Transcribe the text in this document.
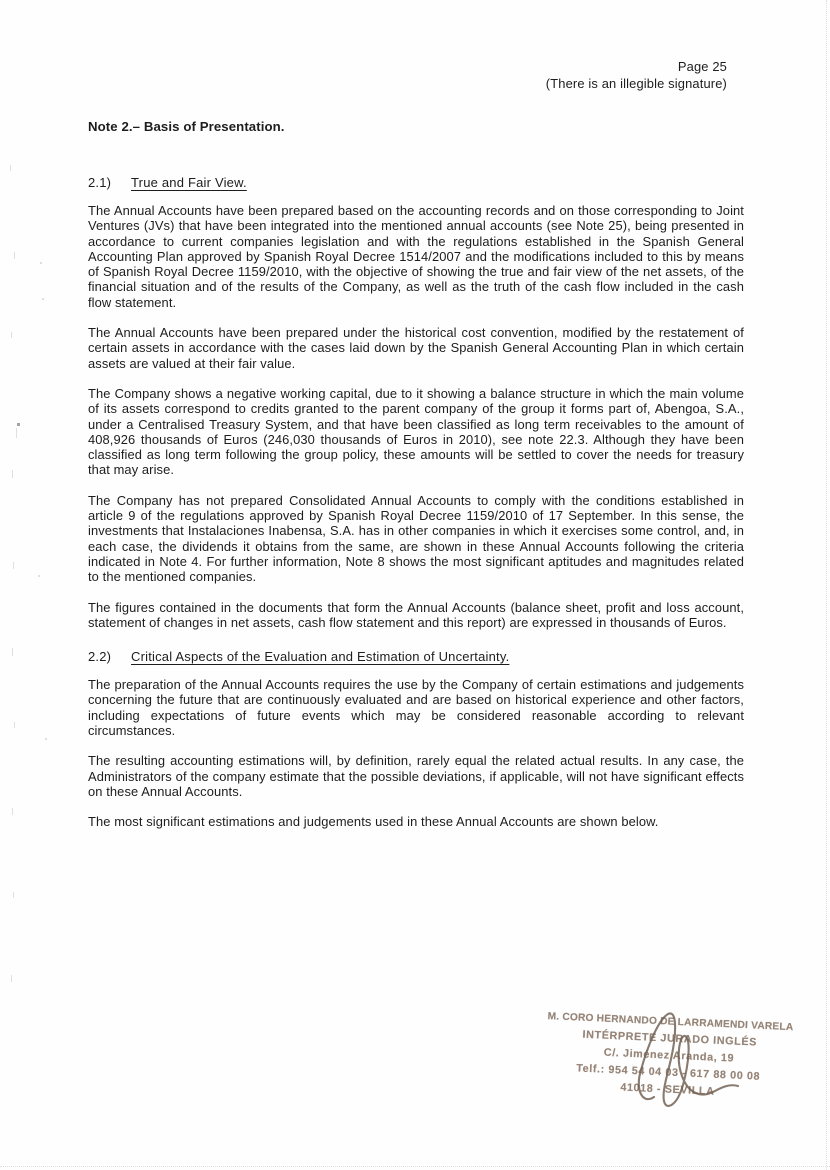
Page 25
(There is an illegible signature)
Note 2.– Basis of Presentation.
2.1) True and Fair View.

The Annual Accounts have been prepared based on the accounting records and on those corresponding to Joint Ventures (JVs) that have been integrated into the mentioned annual accounts (see Note 25), being presented in accordance to current companies legislation and with the regulations established in the Spanish General Accounting Plan approved by Spanish Royal Decree 1514/2007 and the modifications included to this by means of Spanish Royal Decree 1159/2010, with the objective of showing the true and fair view of the net assets, of the financial situation and of the results of the Company, as well as the truth of the cash flow included in the cash flow statement.

The Annual Accounts have been prepared under the historical cost convention, modified by the restatement of certain assets in accordance with the cases laid down by the Spanish General Accounting Plan in which certain assets are valued at their fair value.

The Company shows a negative working capital, due to it showing a balance structure in which the main volume of its assets correspond to credits granted to the parent company of the group it forms part of, Abengoa, S.A., under a Centralised Treasury System, and that have been classified as long term receivables to the amount of 408,926 thousands of Euros (246,030 thousands of Euros in 2010), see note 22.3. Although they have been classified as long term following the group policy, these amounts will be settled to cover the needs for treasury that may arise.

The Company has not prepared Consolidated Annual Accounts to comply with the conditions established in article 9 of the regulations approved by Spanish Royal Decree 1159/2010 of 17 September. In this sense, the investments that Instalaciones Inabensa, S.A. has in other companies in which it exercises some control, and, in each case, the dividends it obtains from the same, are shown in these Annual Accounts following the criteria indicated in Note 4. For further information, Note 8 shows the most significant aptitudes and magnitudes related to the mentioned companies.

The figures contained in the documents that form the Annual Accounts (balance sheet, profit and loss account, statement of changes in net assets, cash flow statement and this report) are expressed in thousands of Euros.

2.2) Critical Aspects of the Evaluation and Estimation of Uncertainty.

The preparation of the Annual Accounts requires the use by the Company of certain estimations and judgements concerning the future that are continuously evaluated and are based on historical experience and other factors, including expectations of future events which may be considered reasonable according to relevant circumstances.

The resulting accounting estimations will, by definition, rarely equal the related actual results. In any case, the Administrators of the company estimate that the possible deviations, if applicable, will not have significant effects on these Annual Accounts.

The most significant estimations and judgements used in these Annual Accounts are shown below.

M. CORO HERNANDO DE LARRAMENDI VARELA
INTÉRPRETE JURADO INGLÉS
C/. Jiménez Aranda, 19
Telf.: 954 54 04 03 - 617 88 00 08
41018 - SEVILLA
